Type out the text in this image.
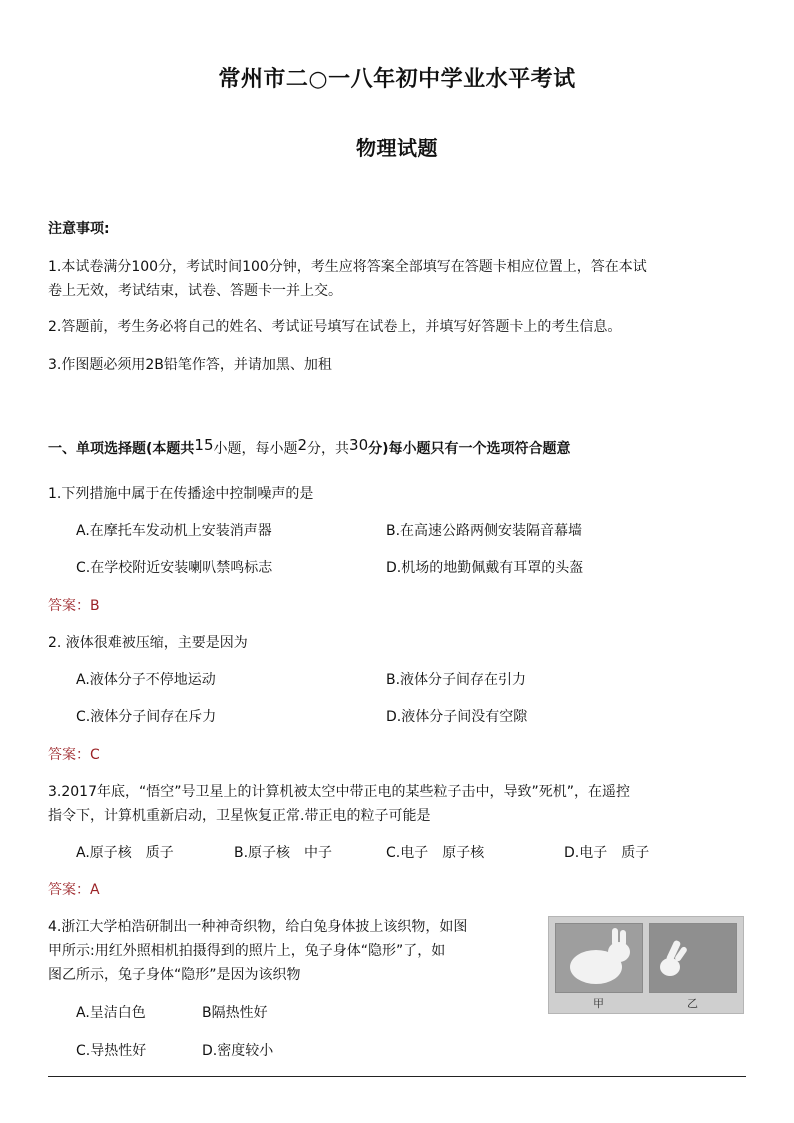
常州市二○一八年初中学业水平考试
物理试题
注意事项:
1.本试卷满分100分，考试时间100分钟，考生应将答案全部填写在答题卡相应位置上，答在本试
卷上无效，考试结束，试卷、答题卡一并上交。
2.答题前，考生务必将自己的姓名、考试证号填写在试卷上，并填写好答题卡上的考生信息。
3.作图题必须用2B铅笔作答，并请加黑、加租
一、单项选择题(本题共15小题，每小题2分，共30分)每小题只有一个选项符合题意
1.下列措施中属于在传播途中控制噪声的是
A.在摩托车发动机上安装消声器	B.在高速公路两侧安装隔音幕墙
C.在学校附近安装喇叭禁鸣标志	D.机场的地勤佩戴有耳罩的头盔
答案：B
2. 液体很难被压缩，主要是因为
A.液体分子不停地运动	B.液体分子间存在引力
C.液体分子间存在斥力	D.液体分子间没有空隙
答案：C
3.2017年底，“悟空”号卫星上的计算机被太空中带正电的某些粒子击中，导致”死机”，在遥控
指令下，计算机重新启动，卫星恢复正常.带正电的粒子可能是
A.原子核　质子	B.原子核　中子	C.电子　原子核	D.电子　质子
答案：A
4.浙江大学柏浩研制出一种神奇织物，给白兔身体披上该织物，如图
甲所示:用红外照相机拍摄得到的照片上，兔子身体“隐形”了，如
图乙所示，兔子身体“隐形”是因为该织物
A.呈洁白色	B隔热性好
C.导热性好	D.密度较小
甲	乙
